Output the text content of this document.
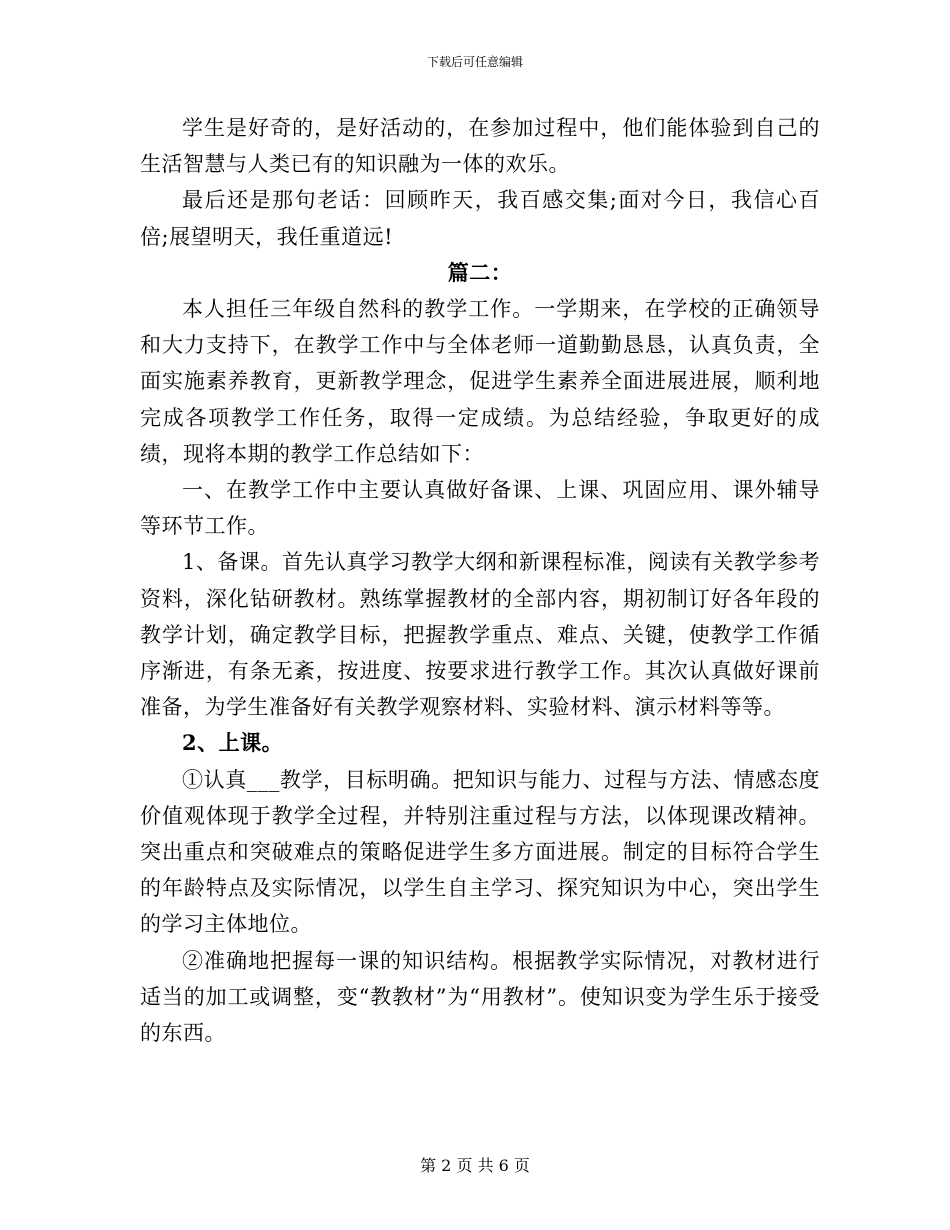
下载后可任意编辑

学生是好奇的，是好活动的，在参加过程中，他们能体验到自己的生活智慧与人类已有的知识融为一体的欢乐。

最后还是那句老话：回顾昨天，我百感交集;面对今日，我信心百倍;展望明天，我任重道远!

篇二：

本人担任三年级自然科的教学工作。一学期来，在学校的正确领导和大力支持下，在教学工作中与全体老师一道勤勤恳恳，认真负责，全面实施素养教育，更新教学理念，促进学生素养全面进展进展，顺利地完成各项教学工作任务，取得一定成绩。为总结经验，争取更好的成绩，现将本期的教学工作总结如下：

一、在教学工作中主要认真做好备课、上课、巩固应用、课外辅导等环节工作。

1、备课。首先认真学习教学大纲和新课程标准，阅读有关教学参考资料，深化钻研教材。熟练掌握教材的全部内容，期初制订好各年段的教学计划，确定教学目标，把握教学重点、难点、关键，使教学工作循序渐进，有条无紊，按进度、按要求进行教学工作。其次认真做好课前准备，为学生准备好有关教学观察材料、实验材料、演示材料等等。

2、上课。

①认真___教学，目标明确。把知识与能力、过程与方法、情感态度价值观体现于教学全过程，并特别注重过程与方法，以体现课改精神。突出重点和突破难点的策略促进学生多方面进展。制定的目标符合学生的年龄特点及实际情况，以学生自主学习、探究知识为中心，突出学生的学习主体地位。

②准确地把握每一课的知识结构。根据教学实际情况，对教材进行适当的加工或调整，变“教教材”为“用教材”。使知识变为学生乐于接受的东西。

第 2 页 共 6 页
